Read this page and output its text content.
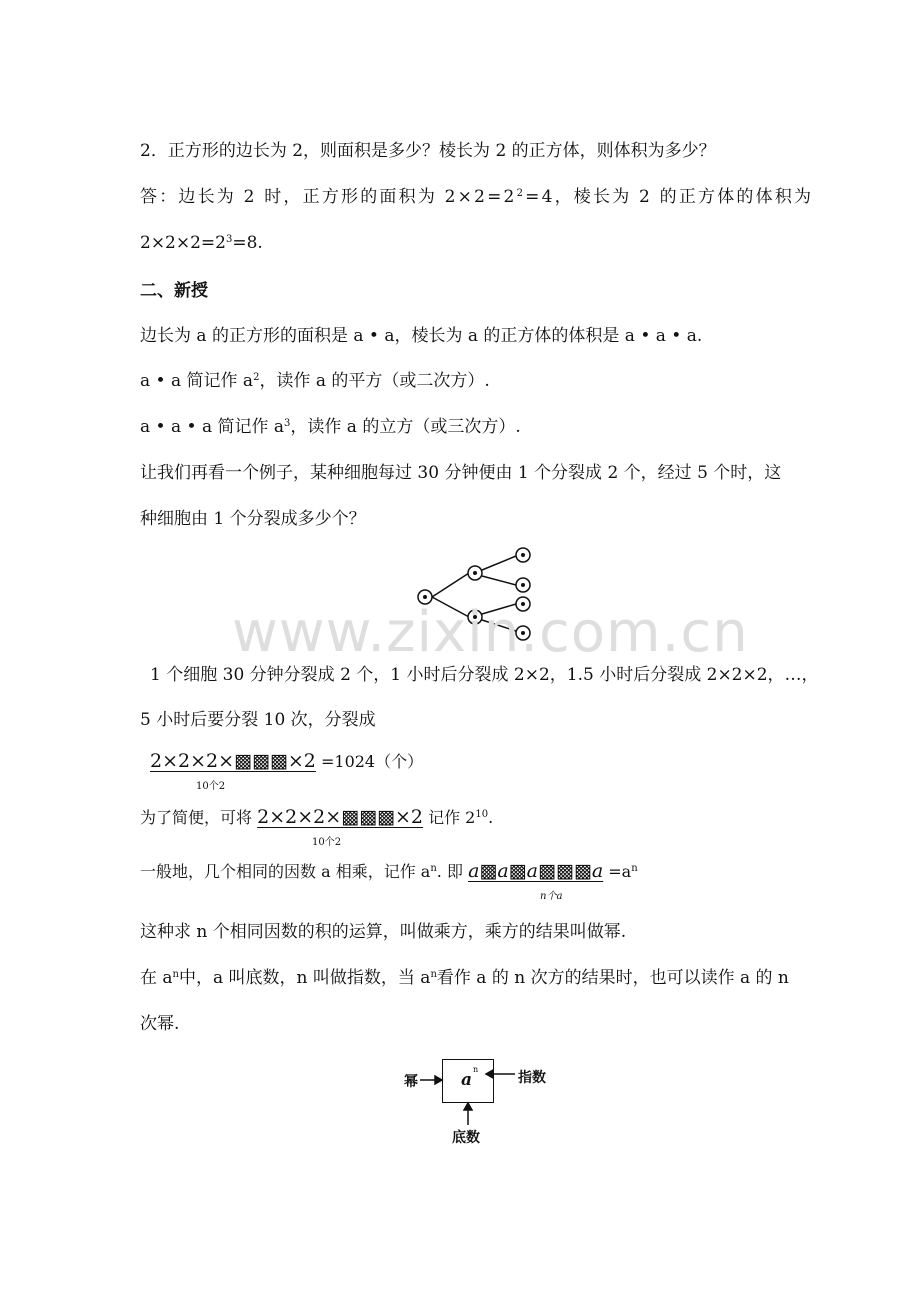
2．正方形的边长为 2，则面积是多少？棱长为 2 的正方体，则体积为多少？
答：边长为 2 时，正方形的面积为 $2\times 2=2^2=4$，棱长为 2 的正方体的体积为
$2\times 2\times 2=2^3=8$.
二、新授
边长为 a 的正方形的面积是 a • a，棱长为 a 的正方体的体积是 a • a • a.
a • a 简记作 $a^2$，读作 a 的平方（或二次方）.
a • a • a 简记作 $a^3$，读作 a 的立方（或三次方）.
让我们再看一个例子，某种细胞每过 30 分钟便由 1 个分裂成 2 个，经过 5 个时，这
种细胞由 1 个分裂成多少个？
www.zixin.com.cn
1 个细胞 30 分钟分裂成 2 个，1 小时后分裂成 2×2，1.5 小时后分裂成 2×2×2，…，
5 小时后要分裂 10 次，分裂成
2×2×2×▩▩▩×2 =1024（个）
10个2
为了简便，可将 2×2×2×▩▩▩×2 记作 $2^{10}$.
10个2
一般地，几个相同的因数 a 相乘，记作 $a^n$. 即 a▩a▩a▩▩▩a $=a^n$
n个a
这种求 n 个相同因数的积的运算，叫做乘方，乘方的结果叫做幂.
在 $a^n$中，a 叫底数，n 叫做指数，当 $a^n$看作 a 的 n 次方的结果时，也可以读作 a 的 n
次幂.
a
n
幂	指数
底数
